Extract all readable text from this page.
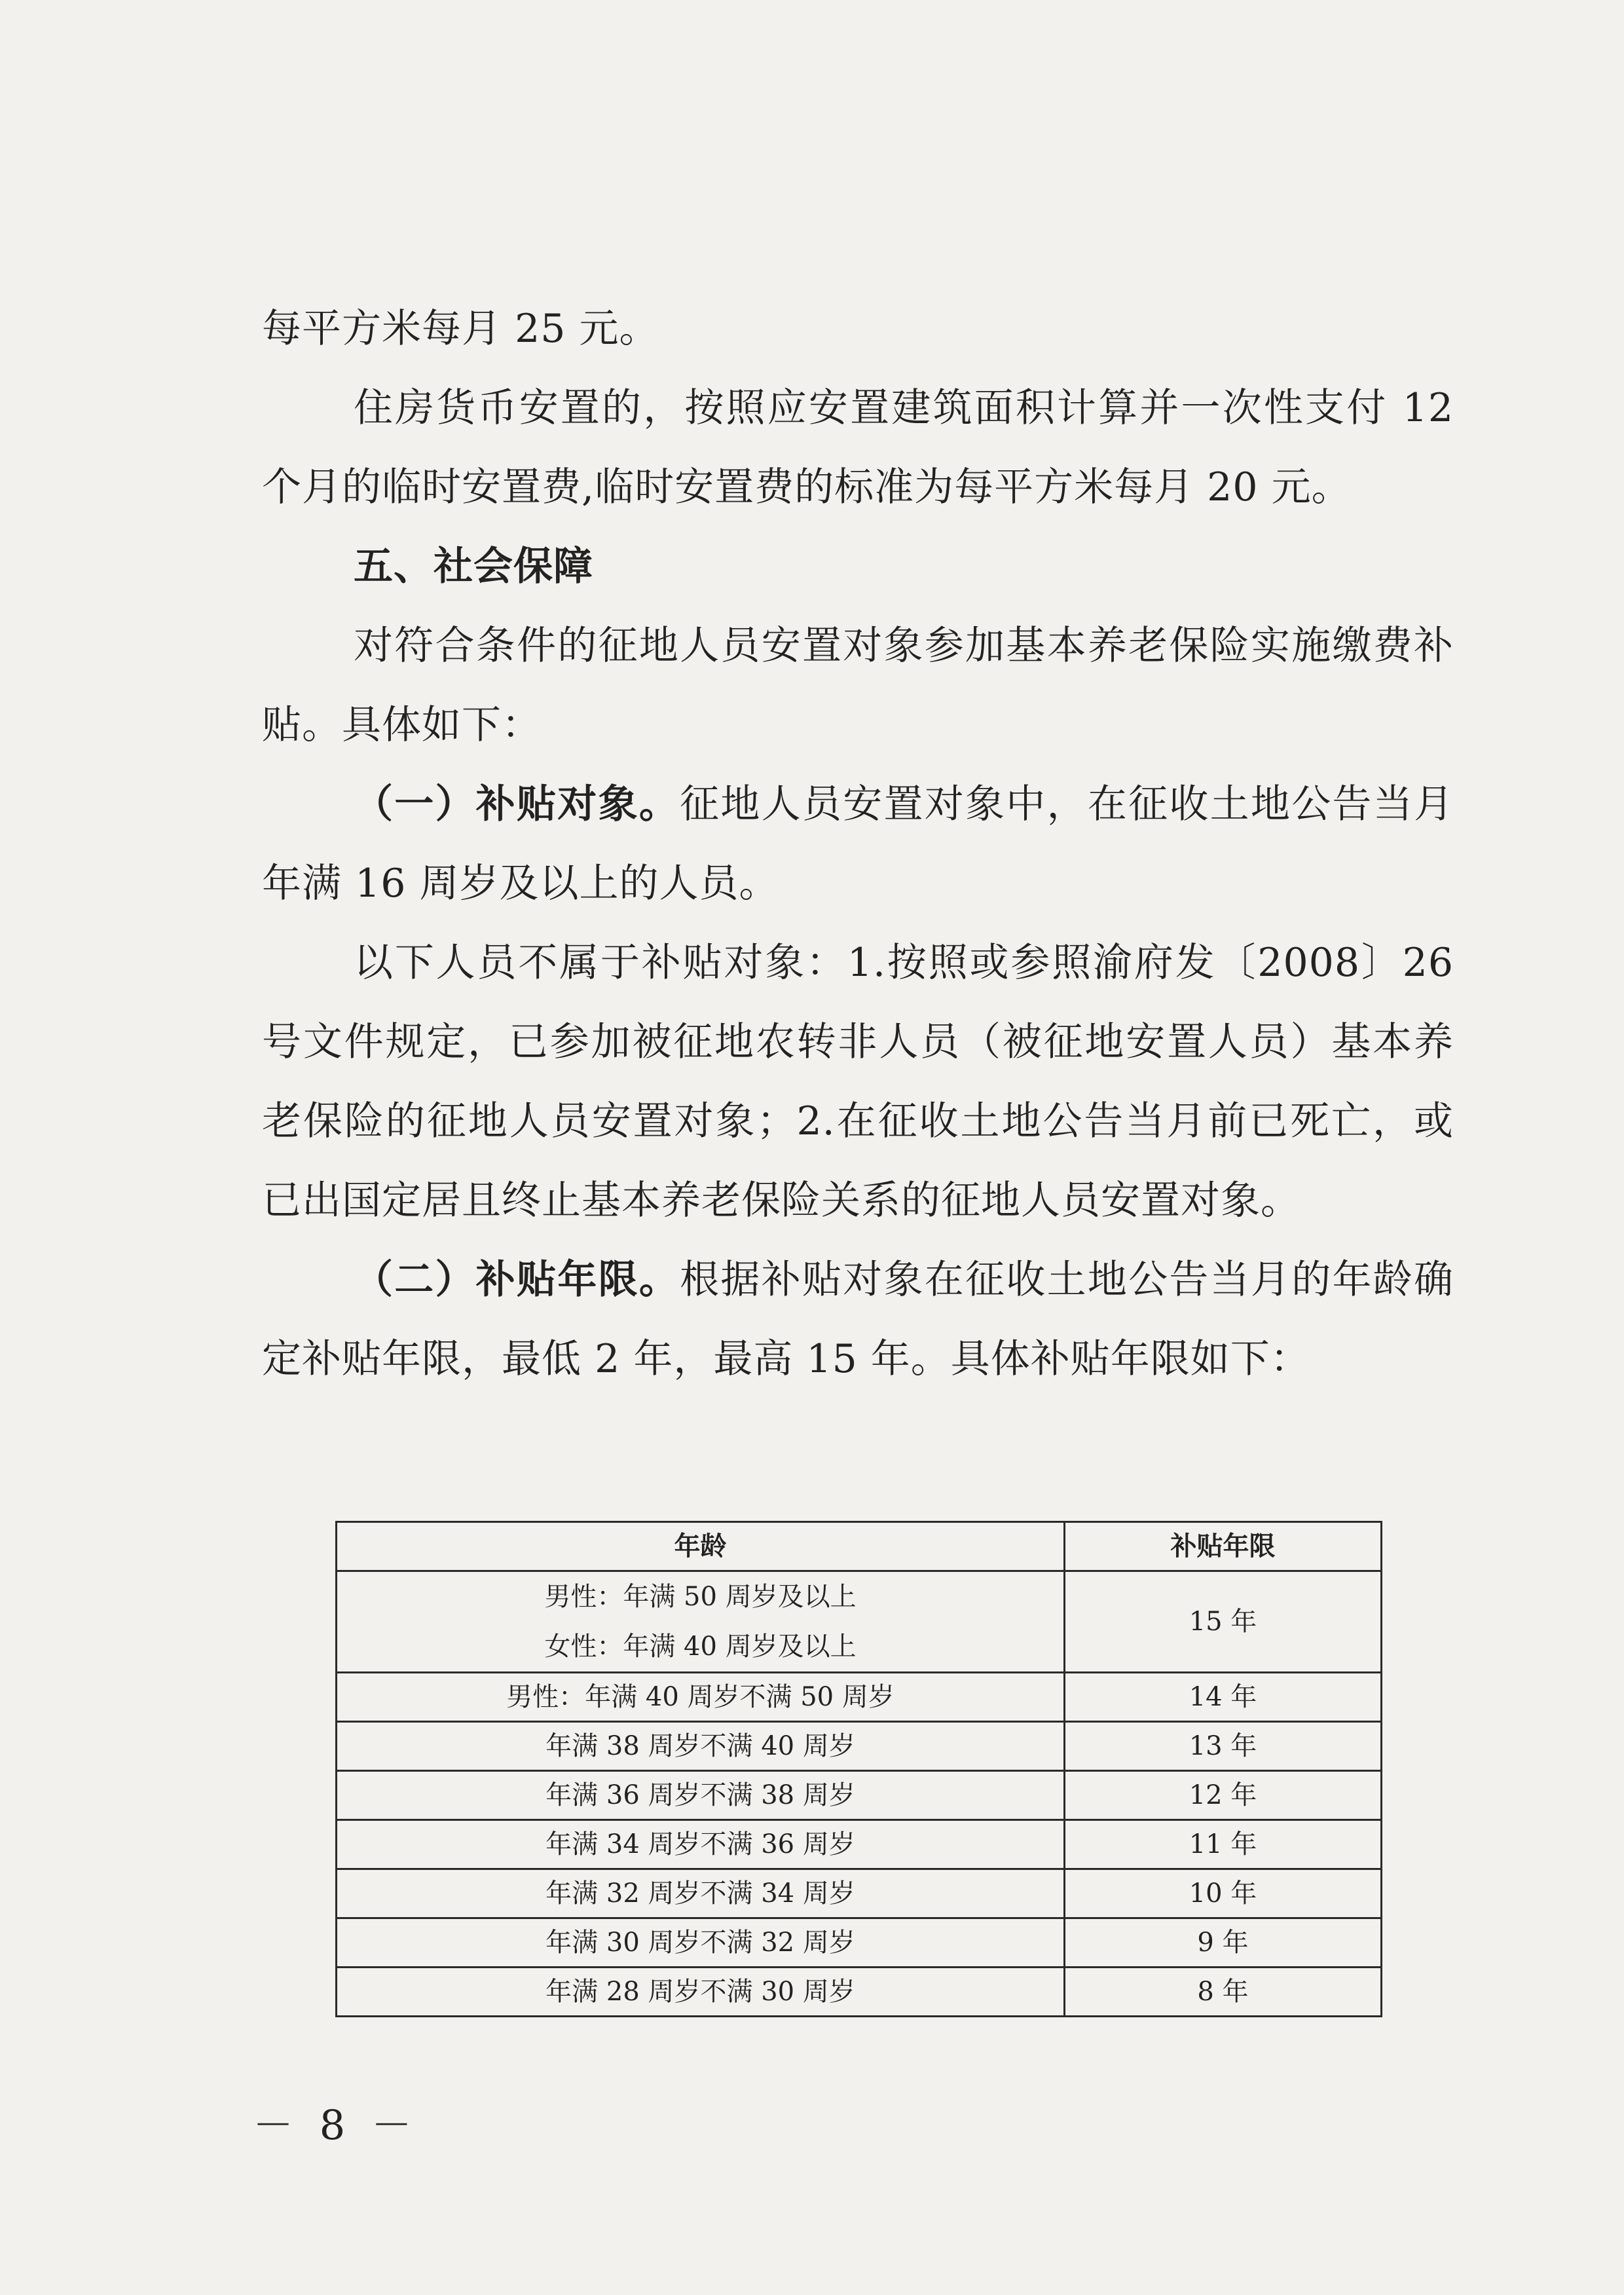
每平方米每月 25 元。

住房货币安置的，按照应安置建筑面积计算并一次性支付 12 个月的临时安置费,临时安置费的标准为每平方米每月 20 元。

五、社会保障

对符合条件的征地人员安置对象参加基本养老保险实施缴费补贴。具体如下：

（一）补贴对象。征地人员安置对象中，在征收土地公告当月年满 16 周岁及以上的人员。

以下人员不属于补贴对象：1.按照或参照渝府发〔2008〕26 号文件规定，已参加被征地农转非人员（被征地安置人员）基本养老保险的征地人员安置对象；2.在征收土地公告当月前已死亡，或已出国定居且终止基本养老保险关系的征地人员安置对象。

（二）补贴年限。根据补贴对象在征收土地公告当月的年龄确定补贴年限，最低 2 年，最高 15 年。具体补贴年限如下：

年龄	补贴年限

男性：年满 50 周岁及以上
女性：年满 40 周岁及以上	15 年
男性：年满 40 周岁不满 50 周岁	14 年
年满 38 周岁不满 40 周岁	13 年
年满 36 周岁不满 38 周岁	12 年
年满 34 周岁不满 36 周岁	11 年
年满 32 周岁不满 34 周岁	10 年
年满 30 周岁不满 32 周岁	9 年
年满 28 周岁不满 30 周岁	8 年
－ 8 －
